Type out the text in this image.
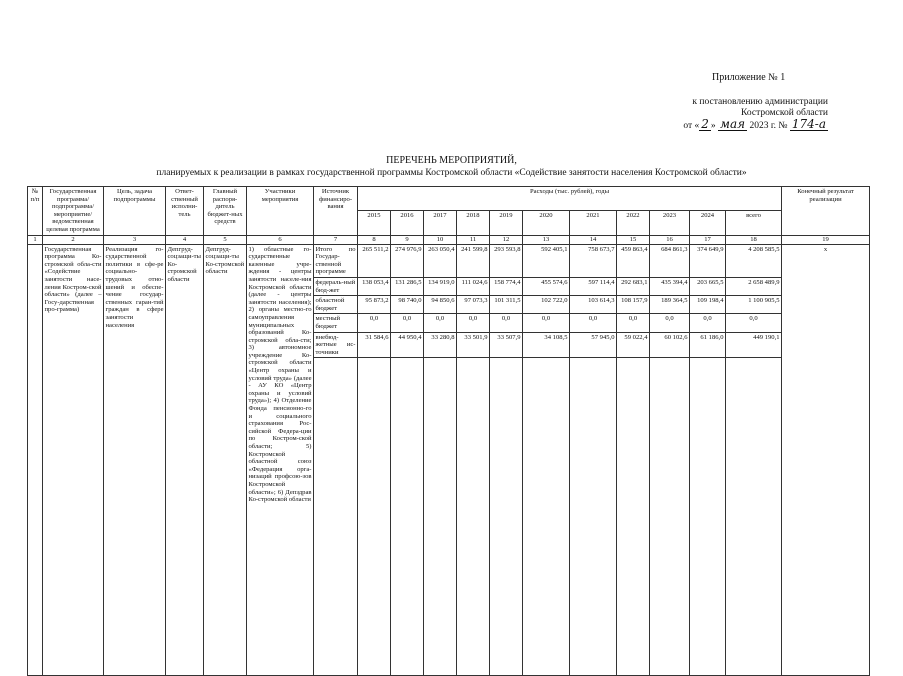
Приложение № 1
к постановлению администрации
Костромской области
от « 2 » мая 2023 г. № 174-а
ПЕРЕЧЕНЬ МЕРОПРИЯТИЙ,
планируемых к реализации в рамках государственной программы Костромской области «Содействие занятости населения Костромской области»
№ п/п	Государственная программа/ подпрограмма/ мероприятие/ ведомственная целевая программа	Цель, задача подпрограммы	Ответ-ственный исполни-тель	Главный распоря-дитель бюджет-ных средств	Участники мероприятия	Источник финансиро-вания	Расходы (тыс. рублей), годы											Конечный результат реализации
							2015	2016	2017	2018	2019	2020	2021	2022	2023	2024	всего	
1	2	3	4	5	6	7	8	9	10	11	12	13	14	15	16	17	18	19
	Государственная программа Ко-стромской обла-сти «Содействие занятости насе-ления Костром-ской области» (далее – Госу-дарственная про-грамма)	Реализация го-сударственной политики в сфе-ре социально-трудовых отно-шений и обеспе-чение государ-ственных гаран-тий граждан в сфере занятости населения	Депгруд-соцзащи-ты Ко-стромской области	Депгруд-соцзащи-ты Ко-стромской области	1) областные го-сударственные казенные учре-ждения - центры занятости населе-ния Костромской области (далее - центры занятости населения); 2) органы местно-го самоуправления муниципальных образований Ко-стромской обла-сти; 3) автономное учреждение Ко-стромской области «Центр охраны и условий труда» (далее - АУ КО «Центр охраны и условий труда»); 4) Отделение Фонда пенсионно-го и социального страхования Рос-сийской Федера-ции по Костром-ской области; 5) Костромской областной союз «Федерация орга-низаций профсою-зов Костромской области»; 6) Депздрав Ко-стромской области	Итого по Государ-ственной программе	265 511,2	274 976,9	263 050,4	241 599,8	293 593,8	592 405,1	758 673,7	459 863,4	684 861,3	374 649,9	4 208 585,5	х
						федераль-ный бюд-жет	138 053,4	131 286,5	134 919,0	111 024,6	158 774,4	455 574,6	597 114,4	292 683,1	435 394,4	203 665,5	2 658 489,9	
						областной бюджет	95 873,2	98 740,0	94 850,6	97 073,3	101 311,5	102 722,0	103 614,3	108 157,9	189 364,5	109 198,4	1 100 905,5	
						местный бюджет	0,0	0,0	0,0	0,0	0,0	0,0	0,0	0,0	0,0	0,0	0,0	
						внебюд-жетные ис-точники	31 584,6	44 950,4	33 280,8	33 501,9	33 507,9	34 108,5	57 945,0	59 022,4	60 102,6	61 186,0	449 190,1	
